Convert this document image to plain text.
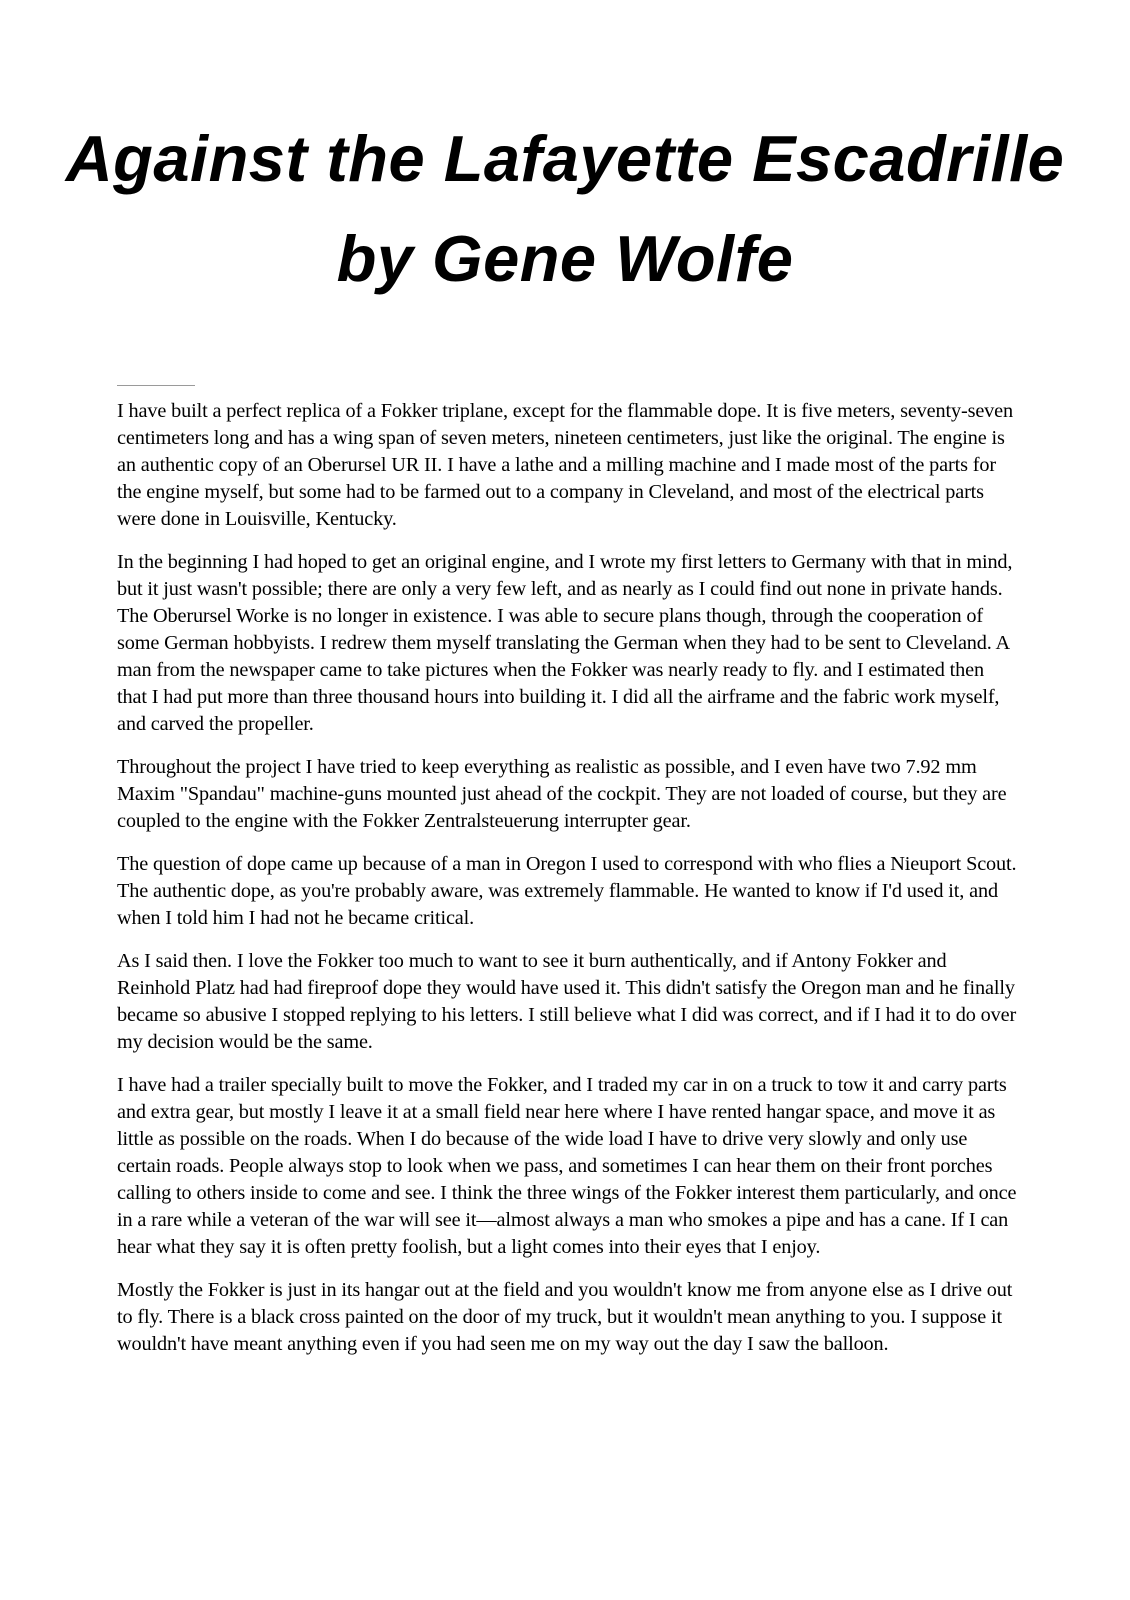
Against the Lafayette Escadrille
by Gene Wolfe

I have built a perfect replica of a Fokker triplane, except for the flammable dope. It is five meters, seventy-seven centimeters long and has a wing span of seven meters, nineteen centimeters, just like the original. The engine is an authentic copy of an Oberursel UR II. I have a lathe and a milling machine and I made most of the parts for the engine myself, but some had to be farmed out to a company in Cleveland, and most of the electrical parts were done in Louisville, Kentucky.

In the beginning I had hoped to get an original engine, and I wrote my first letters to Germany with that in mind, but it just wasn't possible; there are only a very few left, and as nearly as I could find out none in private hands. The Oberursel Worke is no longer in existence. I was able to secure plans though, through the cooperation of some German hobbyists. I redrew them myself translating the German when they had to be sent to Cleveland. A man from the newspaper came to take pictures when the Fokker was nearly ready to fly. and I estimated then that I had put more than three thousand hours into building it. I did all the airframe and the fabric work myself, and carved the propeller.

Throughout the project I have tried to keep everything as realistic as possible, and I even have two 7.92 mm Maxim "Spandau" machine-guns mounted just ahead of the cockpit. They are not loaded of course, but they are coupled to the engine with the Fokker Zentralsteuerung interrupter gear.

The question of dope came up because of a man in Oregon I used to correspond with who flies a Nieuport Scout. The authentic dope, as you're probably aware, was extremely flammable. He wanted to know if I'd used it, and when I told him I had not he became critical.

As I said then. I love the Fokker too much to want to see it burn authentically, and if Antony Fokker and Reinhold Platz had had fireproof dope they would have used it. This didn't satisfy the Oregon man and he finally became so abusive I stopped replying to his letters. I still believe what I did was correct, and if I had it to do over my decision would be the same.

I have had a trailer specially built to move the Fokker, and I traded my car in on a truck to tow it and carry parts and extra gear, but mostly I leave it at a small field near here where I have rented hangar space, and move it as little as possible on the roads. When I do because of the wide load I have to drive very slowly and only use certain roads. People always stop to look when we pass, and sometimes I can hear them on their front porches calling to others inside to come and see. I think the three wings of the Fokker interest them particularly, and once in a rare while a veteran of the war will see it—almost always a man who smokes a pipe and has a cane. If I can hear what they say it is often pretty foolish, but a light comes into their eyes that I enjoy.

Mostly the Fokker is just in its hangar out at the field and you wouldn't know me from anyone else as I drive out to fly. There is a black cross painted on the door of my truck, but it wouldn't mean anything to you. I suppose it wouldn't have meant anything even if you had seen me on my way out the day I saw the balloon.
